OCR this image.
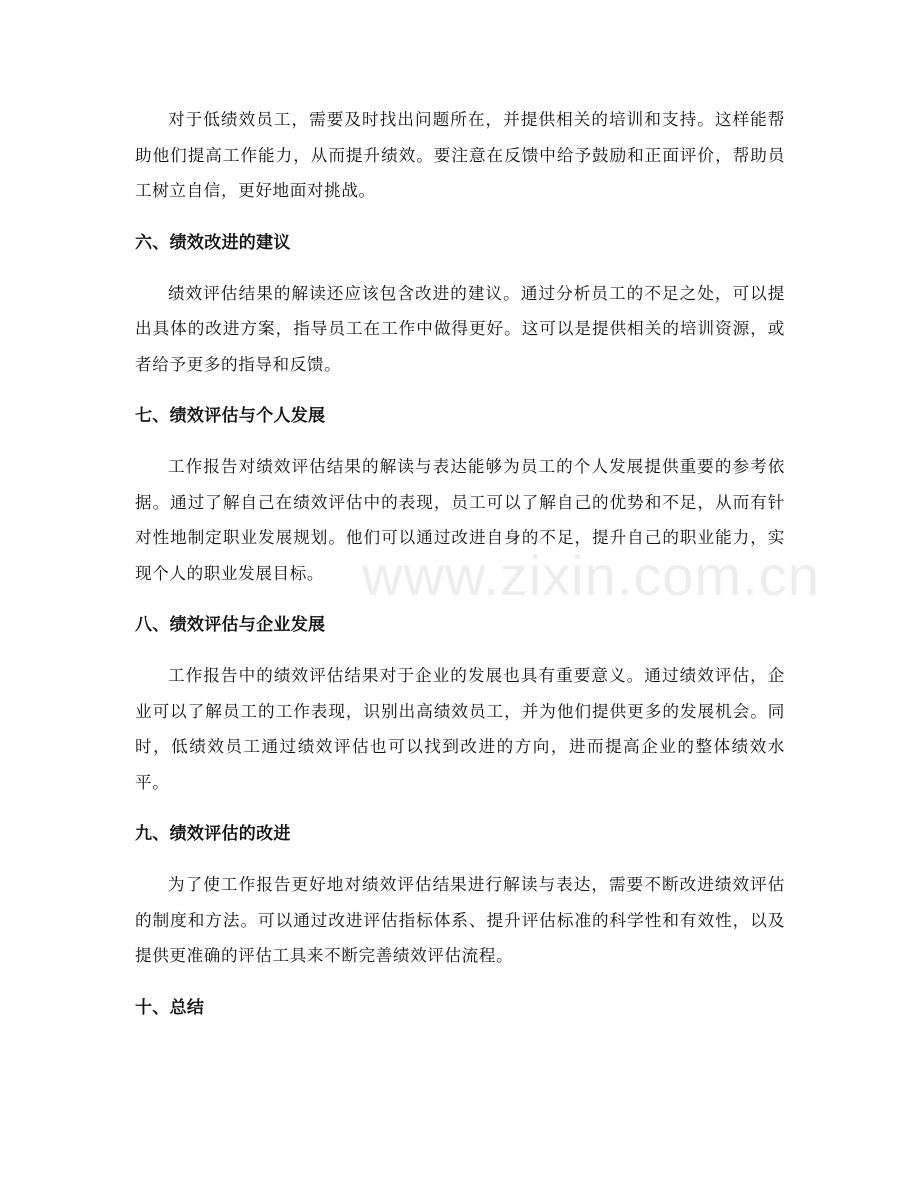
对于低绩效员工，需要及时找出问题所在，并提供相关的培训和支持。这样能帮助他们提高工作能力，从而提升绩效。要注意在反馈中给予鼓励和正面评价，帮助员工树立自信，更好地面对挑战。

六、绩效改进的建议

绩效评估结果的解读还应该包含改进的建议。通过分析员工的不足之处，可以提出具体的改进方案，指导员工在工作中做得更好。这可以是提供相关的培训资源，或者给予更多的指导和反馈。

七、绩效评估与个人发展

工作报告对绩效评估结果的解读与表达能够为员工的个人发展提供重要的参考依据。通过了解自己在绩效评估中的表现，员工可以了解自己的优势和不足，从而有针对性地制定职业发展规划。他们可以通过改进自身的不足，提升自己的职业能力，实现个人的职业发展目标。

八、绩效评估与企业发展

工作报告中的绩效评估结果对于企业的发展也具有重要意义。通过绩效评估，企业可以了解员工的工作表现，识别出高绩效员工，并为他们提供更多的发展机会。同时，低绩效员工通过绩效评估也可以找到改进的方向，进而提高企业的整体绩效水平。

九、绩效评估的改进

为了使工作报告更好地对绩效评估结果进行解读与表达，需要不断改进绩效评估的制度和方法。可以通过改进评估指标体系、提升评估标准的科学性和有效性，以及提供更准确的评估工具来不断完善绩效评估流程。

十、总结
www.zixin.com.cn
